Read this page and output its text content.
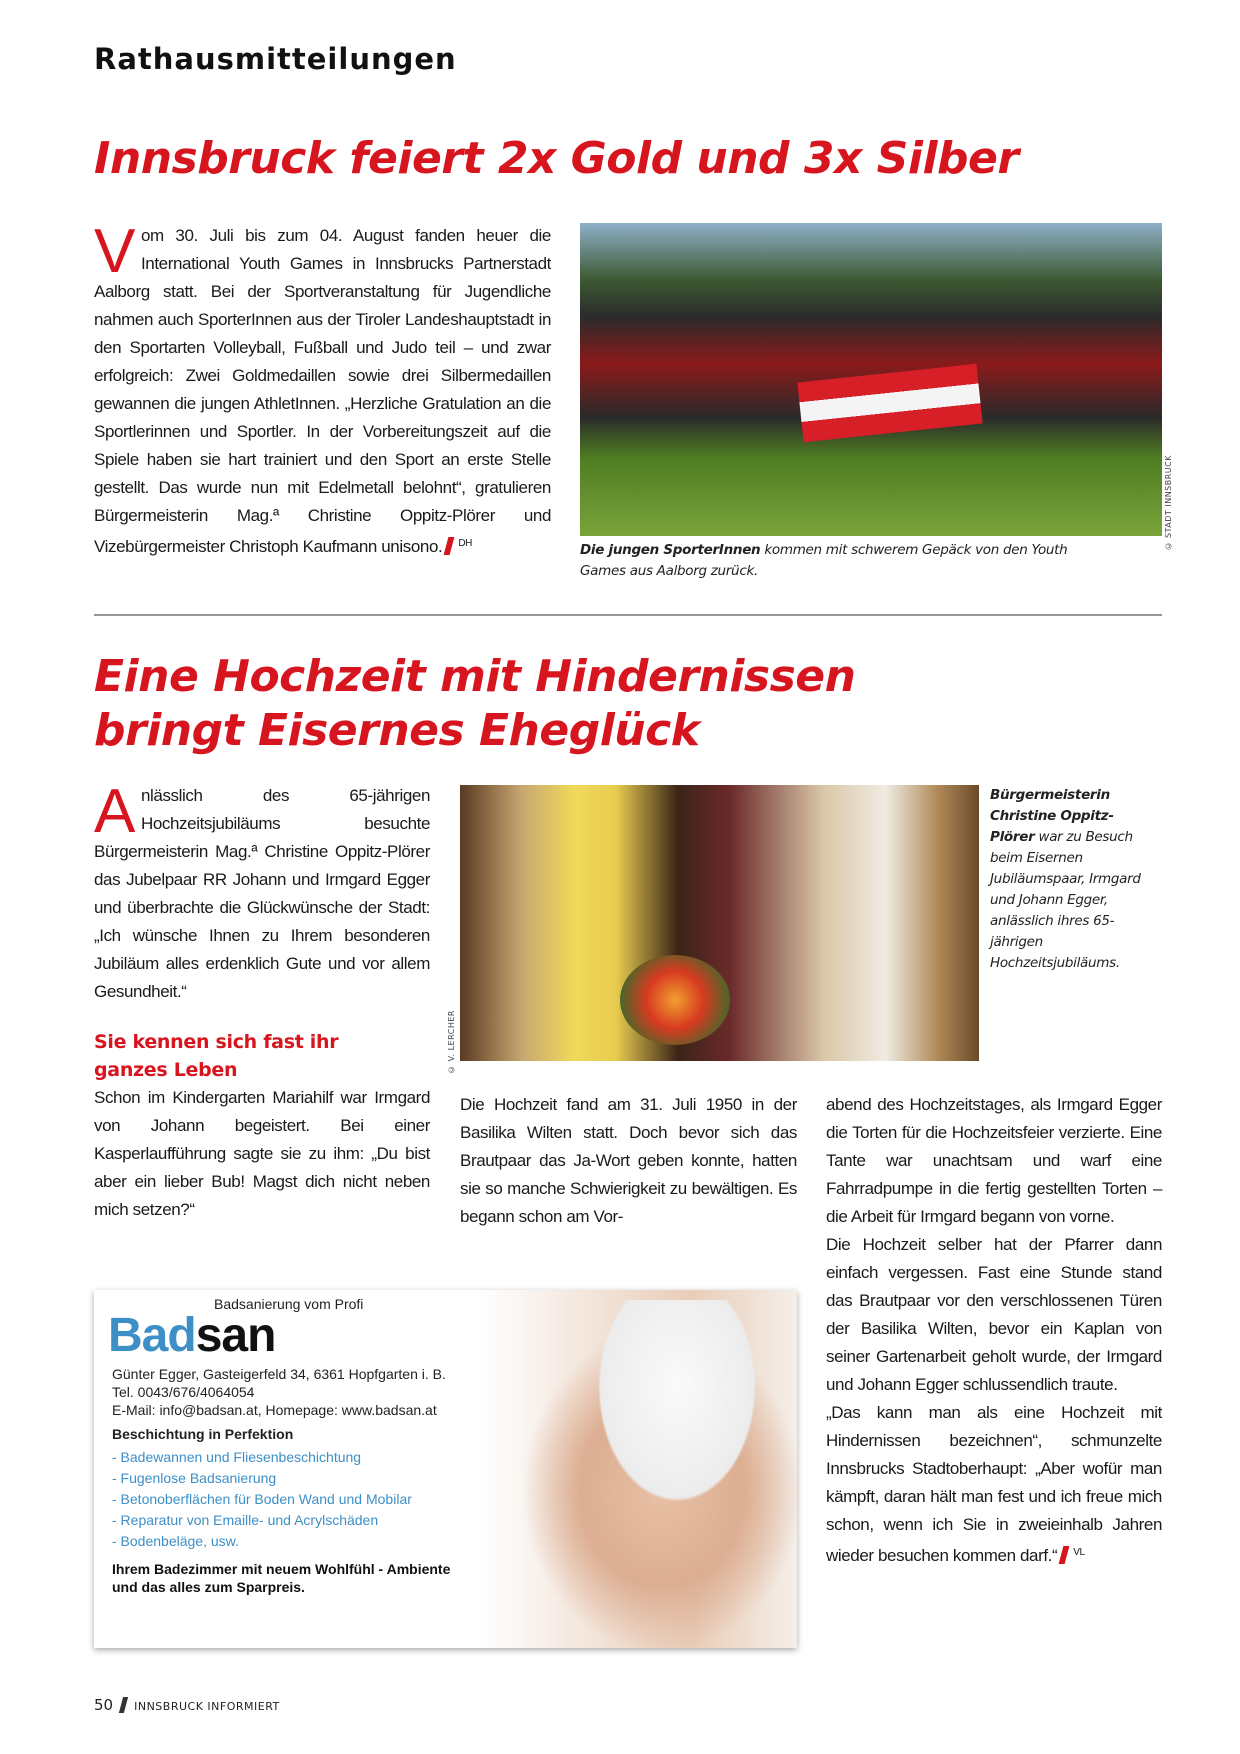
Rathausmitteilungen
Innsbruck feiert 2x Gold und 3x Silber
Vom 30. Juli bis zum 04. August fanden heuer die International Youth Games in Innsbrucks Partnerstadt Aalborg statt. Bei der Sportveranstaltung für Jugendliche nahmen auch SporterInnen aus der Tiroler Landeshauptstadt in den Sportarten Volleyball, Fußball und Judo teil – und zwar erfolgreich: Zwei Goldmedaillen sowie drei Silbermedaillen gewannen die jungen AthletInnen. „Herzliche Gratulation an die Sportlerinnen und Sportler. In der Vorbereitungszeit auf die Spiele haben sie hart trainiert und den Sport an erste Stelle gestellt. Das wurde nun mit Edelmetall belohnt“, gratulieren Bürgermeisterin Mag.ª Christine Oppitz-Plörer und Vizebürgermeister Christoph Kaufmann unisono. $^{DH}$	© STADT INNSBRUCK
Die jungen SporterInnen kommen mit schwerem Gepäck von den Youth Games aus Aalborg zurück.
Eine Hochzeit mit Hindernissen
bringt Eisernes Eheglück

Anlässlich des 65-jährigen Hochzeitsjubiläums besuchte Bürgermeisterin Mag.ª Christine Oppitz-Plörer das Jubelpaar RR Johann und Irmgard Egger und überbrachte die Glückwünsche der Stadt: „Ich wünsche Ihnen zu Ihrem besonderen Jubiläum alles erdenklich Gute und vor allem Gesundheit.“

Sie kennen sich fast ihr ganzes Leben

Schon im Kindergarten Mariahilf war Irmgard von Johann begeistert. Bei einer Kasperlaufführung sagte sie zu ihm: „Du bist aber ein lieber Bub! Magst dich nicht neben mich setzen?“

© V. LERCHER
Bürgermeisterin Christine Oppitz-Plörer war zu Besuch beim Eisernen Jubiläumspaar, Irmgard und Johann Egger, anlässlich ihres 65-jährigen Hochzeitsjubiläums.
Die Hochzeit fand am 31. Juli 1950 in der Basilika Wilten statt. Doch bevor sich das Brautpaar das Ja-Wort geben konnte, hatten sie so manche Schwierigkeit zu bewältigen. Es begann schon am Vor-

abend des Hochzeitstages, als Irmgard Egger die Torten für die Hochzeitsfeier verzierte. Eine Tante war unachtsam und warf eine Fahrradpumpe in die fertig gestellten Torten – die Arbeit für Irmgard begann von vorne.

Die Hochzeit selber hat der Pfarrer dann einfach vergessen. Fast eine Stunde stand das Brautpaar vor den verschlossenen Türen der Basilika Wilten, bevor ein Kaplan von seiner Gartenarbeit geholt wurde, der Irmgard und Johann Egger schlussendlich traute.

„Das kann man als eine Hochzeit mit Hindernissen bezeichnen“, schmunzelte Innsbrucks Stadtoberhaupt: „Aber wofür man kämpft, daran hält man fest und ich freue mich schon, wenn ich Sie in zweieinhalb Jahren wieder besuchen kommen darf.“ $^{VL}$

Badsanierung vom Profi
Badsan
Günter Egger, Gasteigerfeld 34, 6361 Hopfgarten i. B.
Tel. 0043/676/4064054
E-Mail: info@badsan.at, Homepage: www.badsan.at
Beschichtung in Perfektion
- Badewannen und Fliesenbeschichtung
- Fugenlose Badsanierung
- Betonoberflächen für Boden Wand und Mobilar
- Reparatur von Emaille- und Acrylschäden
- Bodenbeläge, usw.
Ihrem Badezimmer mit neuem Wohlfühl - Ambiente
und das alles zum Sparpreis.
50 INNSBRUCK INFORMIERT
